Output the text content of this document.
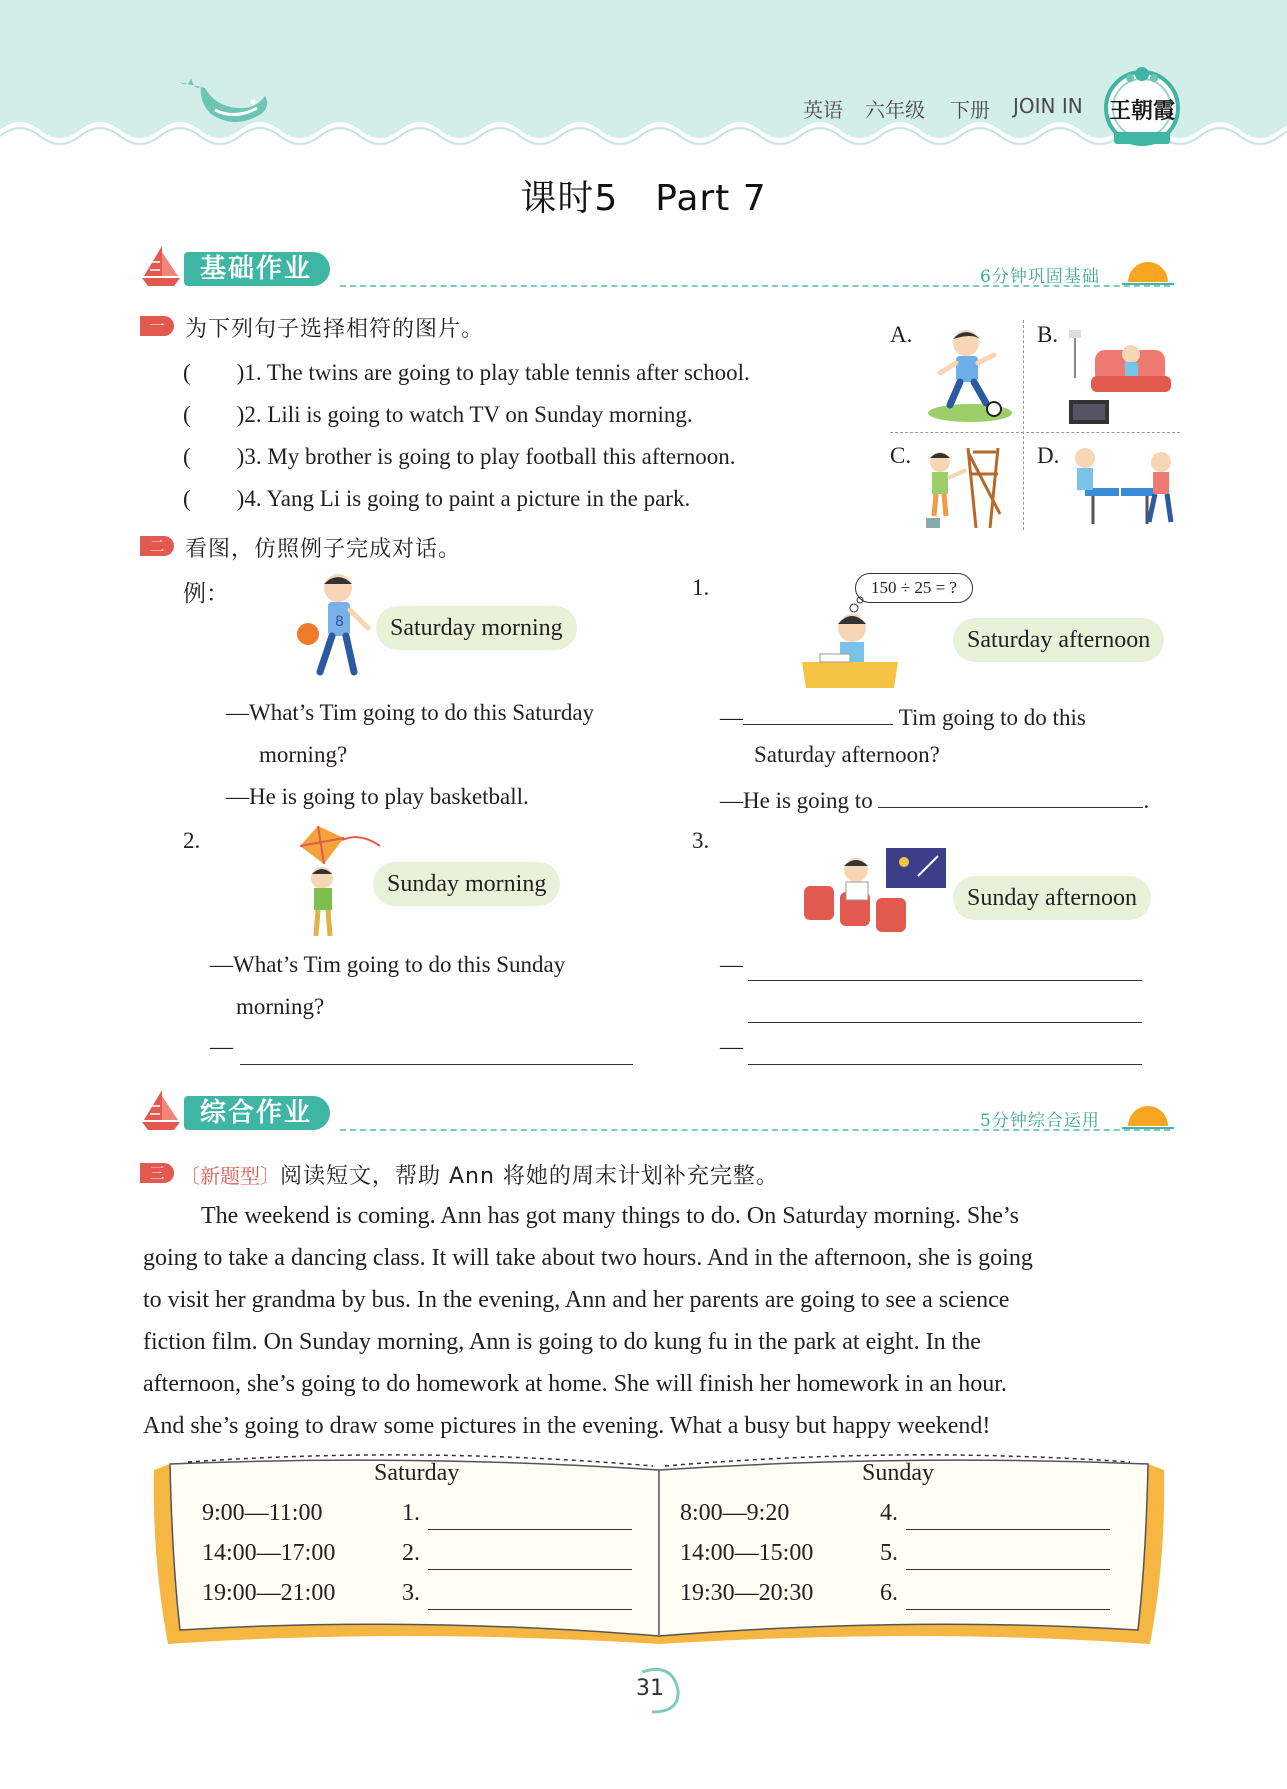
英语 六年级 下册 JOIN IN 王朝霞
课时5　Part 7
基础作业	6分钟巩固基础
一 为下列句子选择相符的图片。
(　　)1. The twins are going to play table tennis after school.
(　　)2. Lili is going to watch TV on Sunday morning.
(　　)3. My brother is going to play football this afternoon.
(　　)4. Yang Li is going to paint a picture in the park.
A.	B.
C.	D.
二 看图，仿照例子完成对话。
例：
8	Saturday morning
—What’s Tim going to do this Saturday
morning?
—He is going to play basketball.
1.	150 ÷ 25 = ?
Saturday afternoon
—	Tim going to do this
Saturday afternoon?
—He is going to	.
2.
Sunday morning
—What’s Tim going to do this Sunday
morning?
—
3.
Sunday afternoon
—
—
综合作业	5分钟综合运用
三 〔新题型〕 阅读短文，帮助 Ann 将她的周末计划补充完整。
The weekend is coming. Ann has got many things to do. On Saturday morning. She’s
going to take a dancing class. It will take about two hours. And in the afternoon, she is going
to visit her grandma by bus. In the evening, Ann and her parents are going to see a science
fiction film. On Sunday morning, Ann is going to do kung fu in the park at eight. In the
afternoon, she’s going to do homework at home. She will finish her homework in an hour.
And she’s going to draw some pictures in the evening. What a busy but happy weekend!
Saturday	Sunday
9:00—11:00	1.
14:00—17:00	2.
19:00—21:00	3.
8:00—9:20	4.
14:00—15:00	5.
19:30—20:30	6.
31
